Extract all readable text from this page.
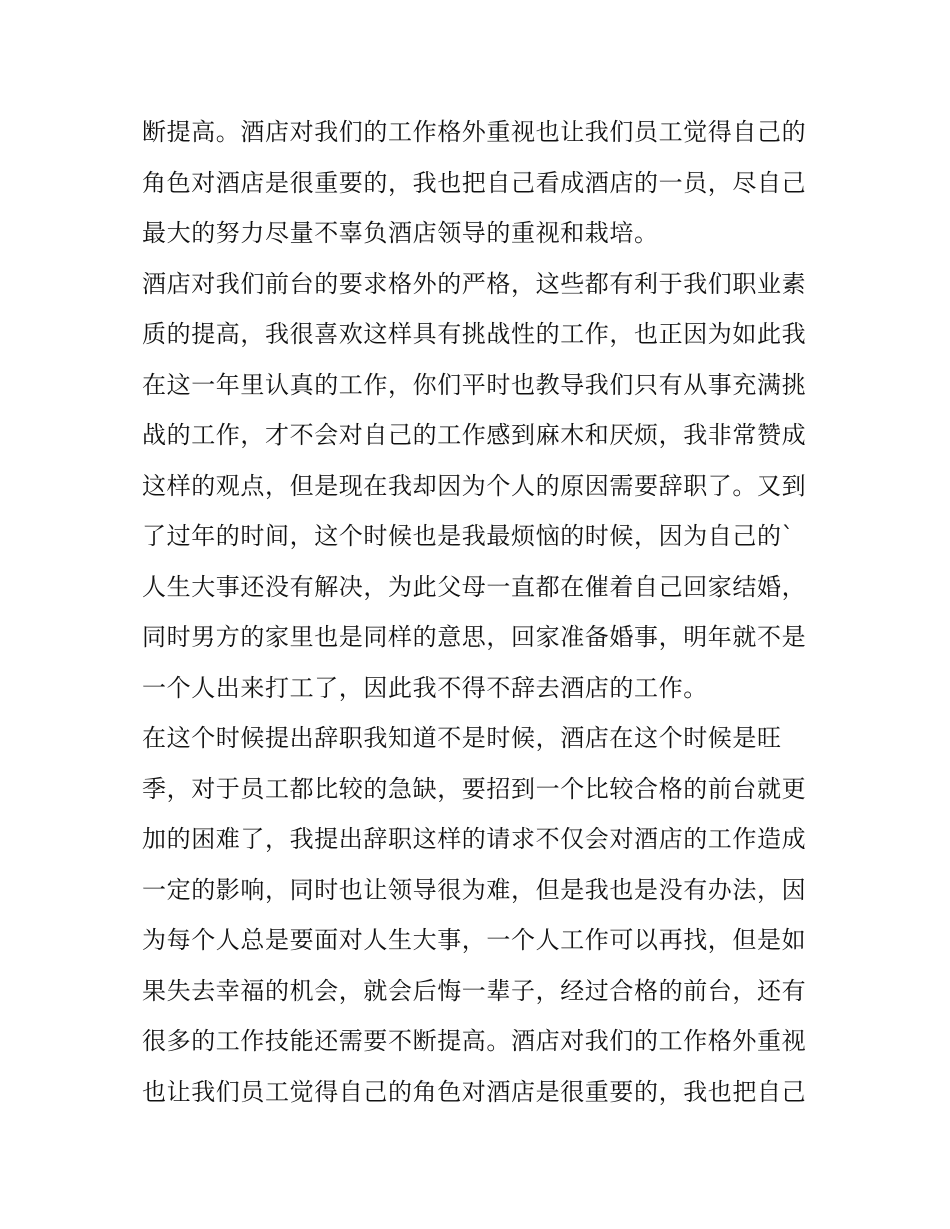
断提高。酒店对我们的工作格外重视也让我们员工觉得自己的

角色对酒店是很重要的，我也把自己看成酒店的一员，尽自己

最大的努力尽量不辜负酒店领导的重视和栽培。

酒店对我们前台的要求格外的严格，这些都有利于我们职业素

质的提高，我很喜欢这样具有挑战性的工作，也正因为如此我

在这一年里认真的工作，你们平时也教导我们只有从事充满挑

战的工作，才不会对自己的工作感到麻木和厌烦，我非常赞成

这样的观点，但是现在我却因为个人的原因需要辞职了。又到

了过年的时间，这个时候也是我最烦恼的时候，因为自己的`

人生大事还没有解决，为此父母一直都在催着自己回家结婚，

同时男方的家里也是同样的意思，回家准备婚事，明年就不是

一个人出来打工了，因此我不得不辞去酒店的工作。

在这个时候提出辞职我知道不是时候，酒店在这个时候是旺

季，对于员工都比较的急缺，要招到一个比较合格的前台就更

加的困难了，我提出辞职这样的请求不仅会对酒店的工作造成

一定的影响，同时也让领导很为难，但是我也是没有办法，因

为每个人总是要面对人生大事，一个人工作可以再找，但是如

果失去幸福的机会，就会后悔一辈子，经过合格的前台，还有

很多的工作技能还需要不断提高。酒店对我们的工作格外重视

也让我们员工觉得自己的角色对酒店是很重要的，我也把自己
